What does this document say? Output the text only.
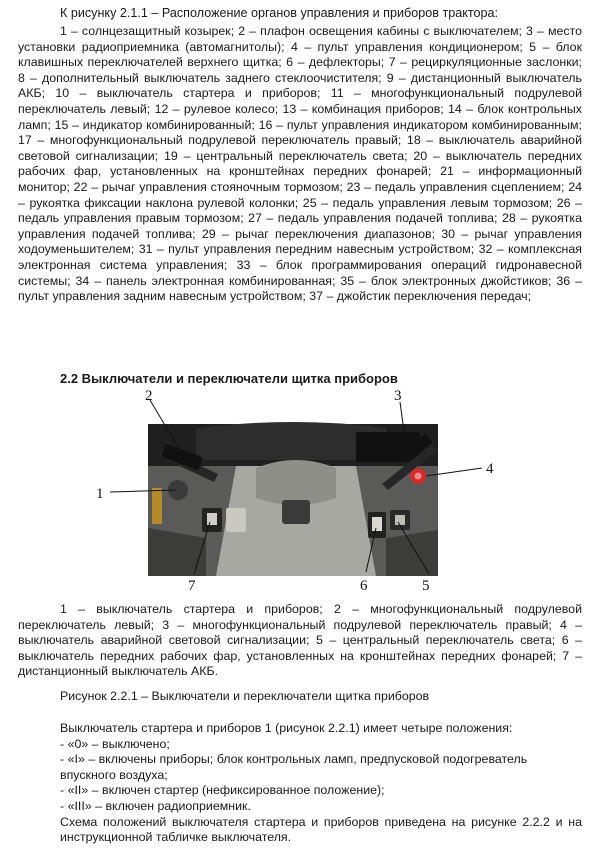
К рисунку 2.1.1 – Расположение органов управления и приборов трактора:
1 – солнцезащитный козырек; 2 – плафон освещения кабины с выключателем; 3 – место установки радиоприемника (автомагнитолы); 4 – пульт управления кондиционером; 5 – блок клавишных переключателей верхнего щитка; 6 – дефлекторы; 7 – рециркуляционные заслонки; 8 – дополнительный выключатель заднего стеклоочистителя; 9 – дистанционный выключатель АКБ; 10 – выключатель стартера и приборов; 11 – многофункциональный подрулевой переключатель левый; 12 – рулевое колесо; 13 – комбинация приборов; 14 – блок контрольных ламп; 15 – индикатор комбинированный; 16 – пульт управления индикатором комбинированным; 17 – многофункциональный подрулевой переключатель правый; 18 – выключатель аварийной световой сигнализации; 19 – центральный переключатель света; 20 – выключатель передних рабочих фар, установленных на кронштейнах передних фонарей; 21 – информационный монитор; 22 – рычаг управления стояночным тормозом; 23 – педаль управления сцеплением; 24 – рукоятка фиксации наклона рулевой колонки; 25 – педаль управления левым тормозом; 26 – педаль управления правым тормозом; 27 – педаль управления подачей топлива; 28 – рукоятка управления подачей топлива; 29 – рычаг переключения диапазонов; 30 – рычаг управления ходоуменьшителем; 31 – пульт управления передним навесным устройством; 32 – комплексная электронная система управления; 33 – блок программирования операций гидронавесной системы; 34 – панель электронная комбинированная; 35 – блок электронных джойстиков; 36 – пульт управления задним навесным устройством; 37 – джойстик переключения передач;
2.2 Выключатели и переключатели щитка приборов
2
1
3
4
5
6
7
1 – выключатель стартера и приборов; 2 – многофункциональный подрулевой переключатель левый; 3 – многофункциональный подрулевой переключатель правый; 4 – выключатель аварийной световой сигнализации; 5 – центральный переключатель света; 6 – выключатель передних рабочих фар, установленных на кронштейнах передних фонарей; 7 – дистанционный выключатель АКБ.
Рисунок 2.2.1 – Выключатели и переключатели щитка приборов
Выключатель стартера и приборов 1 (рисунок 2.2.1) имеет четыре положения:
- «0» – выключено;
- «I» – включены приборы; блок контрольных ламп, предпусковой подогреватель впускного воздуха;
- «II» – включен стартер (нефиксированное положение);
- «III» – включен радиоприемник.
Схема положений выключателя стартера и приборов приведена на рисунке 2.2.2 и на инструкционной табличке выключателя.
